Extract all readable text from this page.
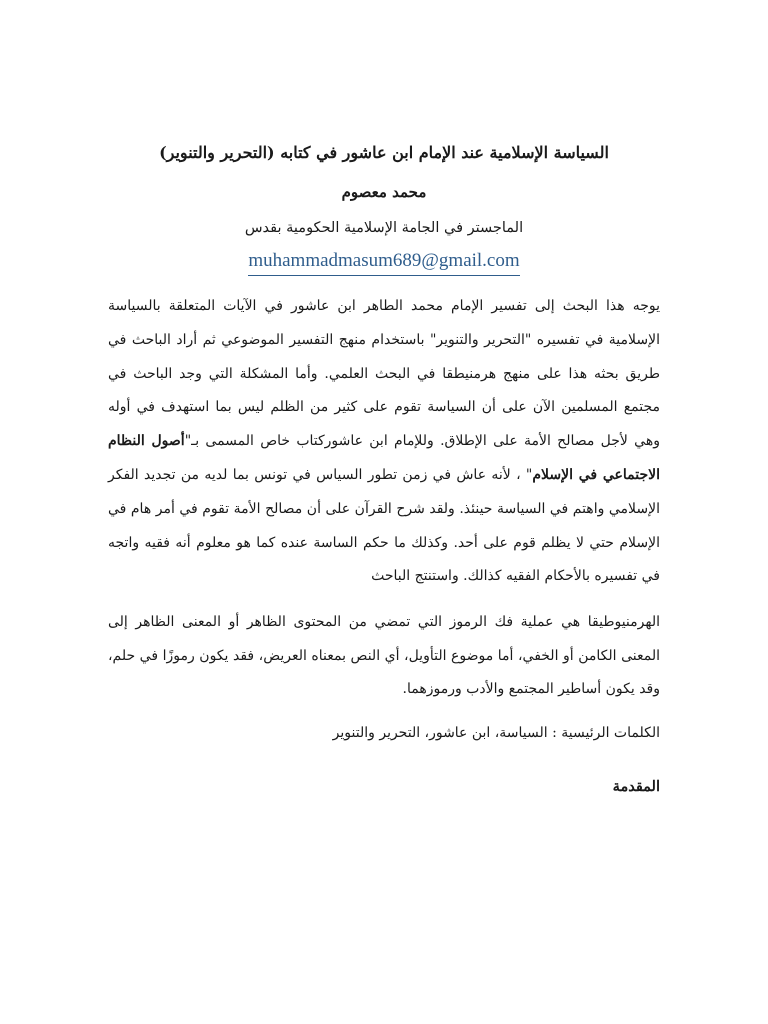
السياسة الإسلامية عند الإمام ابن عاشور في كتابه (التحرير والتنوير)
محمد معصوم
الماجستر في الجامة الإسلامية الحكومية بقدس
muhammadmasum689@gmail.com

يوجه هذا البحث إلى تفسير الإمام محمد الطاهر ابن عاشور في الآيات المتعلقة بالسياسة الإسلامية في تفسيره "التحرير والتنوير" باستخدام منهج التفسير الموضوعي ثم أراد الباحث في طريق بحثه هذا على منهج هرمنيطقا في البحث العلمي. وأما المشكلة التي وجد الباحث في مجتمع المسلمين الآن على أن السياسة تقوم على كثير من الظلم ليس بما استهدف في أوله وهي لأجل مصالح الأمة على الإطلاق. وللإمام ابن عاشوركتاب خاص المسمى بـ"أصول النظام الاجتماعي في الإسلام" ، لأنه عاش في زمن تطور السياس في تونس بما لديه من تجديد الفكر الإسلامي واهتم في السياسة حينئذ. ولقد شرح القرآن على أن مصالح الأمة تقوم في أمر هام في الإسلام حتي لا يظلم قوم على أحد. وكذلك ما حكم الساسة عنده كما هو معلوم أنه فقيه واتجه في تفسيره بالأحكام الفقيه كذالك. واستنتج الباحث

الهرمنيوطيقا هي عملية فك الرموز التي تمضي من المحتوى الظاهر أو المعنى الظاهر إلى المعنى الكامن أو الخفي، أما موضوع التأويل، أي النص بمعناه العريض، فقد يكون رموزًا في حلم، وقد يكون أساطير المجتمع والأدب ورموزهما.

الكلمات الرئيسية : السياسة، ابن عاشور، التحرير والتنوير

المقدمة
